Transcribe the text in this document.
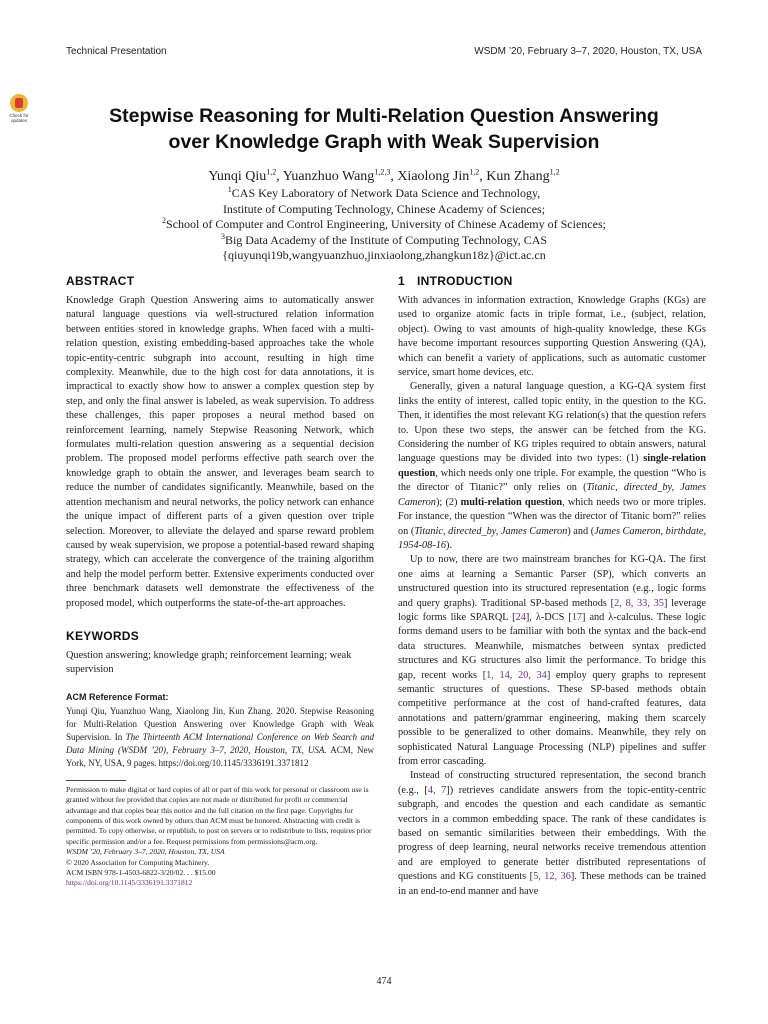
Technical Presentation	WSDM ’20, February 3–7, 2020, Houston, TX, USA
Check for
updates	Stepwise Reasoning for Multi-Relation Question Answering
over Knowledge Graph with Weak Supervision
Yunqi Qiu$^{1,2}$, Yuanzhuo Wang$^{1,2,3}$, Xiaolong Jin$^{1,2}$, Kun Zhang$^{1,2}$
$^1$CAS Key Laboratory of Network Data Science and Technology,
Institute of Computing Technology, Chinese Academy of Sciences;
$^2$School of Computer and Control Engineering, University of Chinese Academy of Sciences;
$^3$Big Data Academy of the Institute of Computing Technology, CAS
{qiuyunqi19b,wangyuanzhuo,jinxiaolong,zhangkun18z}@ict.ac.cn
ABSTRACT

Knowledge Graph Question Answering aims to automatically answer natural language questions via well-structured relation information between entities stored in knowledge graphs. When faced with a multi-relation question, existing embedding-based approaches take the whole topic-entity-centric subgraph into account, resulting in high time complexity. Meanwhile, due to the high cost for data annotations, it is impractical to exactly show how to answer a complex question step by step, and only the final answer is labeled, as weak supervision. To address these challenges, this paper proposes a neural method based on reinforcement learning, namely Stepwise Reasoning Network, which formulates multi-relation question answering as a sequential decision problem. The proposed model performs effective path search over the knowledge graph to obtain the answer, and leverages beam search to reduce the number of candidates significantly. Meanwhile, based on the attention mechanism and neural networks, the policy network can enhance the unique impact of different parts of a given question over triple selection. Moreover, to alleviate the delayed and sparse reward problem caused by weak supervision, we propose a potential-based reward shaping strategy, which can accelerate the convergence of the training algorithm and help the model perform better. Extensive experiments conducted over three benchmark datasets well demonstrate the effectiveness of the proposed model, which outperforms the state-of-the-art approaches.

KEYWORDS

Question answering; knowledge graph; reinforcement learning; weak supervision

ACM Reference Format:

Yunqi Qiu, Yuanzhuo Wang, Xiaolong Jin, Kun Zhang. 2020. Stepwise Reasoning for Multi-Relation Question Answering over Knowledge Graph with Weak Supervision. In The Thirteenth ACM International Conference on Web Search and Data Mining (WSDM ’20), February 3–7, 2020, Houston, TX, USA. ACM, New York, NY, USA, 9 pages. https://doi.org/10.1145/3336191.3371812

Permission to make digital or hard copies of all or part of this work for personal or classroom use is granted without fee provided that copies are not made or distributed for profit or commercial advantage and that copies bear this notice and the full citation on the first page. Copyrights for components of this work owned by others than ACM must be honored. Abstracting with credit is permitted. To copy otherwise, or republish, to post on servers or to redistribute to lists, requires prior specific permission and/or a fee. Request permissions from permissions@acm.org.

WSDM ’20, February 3–7, 2020, Houston, TX, USA

© 2020 Association for Computing Machinery.

ACM ISBN 978-1-4503-6822-3/20/02. . . $15.00

https://doi.org/10.1145/3336191.3371812

1 INTRODUCTION

With advances in information extraction, Knowledge Graphs (KGs) are used to organize atomic facts in triple format, i.e., (subject, relation, object). Owing to vast amounts of high-quality knowledge, these KGs have become important resources supporting Question Answering (QA), which can benefit a variety of applications, such as automatic customer service, smart home devices, etc.

Generally, given a natural language question, a KG-QA system first links the entity of interest, called topic entity, in the question to the KG. Then, it identifies the most relevant KG relation(s) that the question refers to. Upon these two steps, the answer can be fetched from the KG. Considering the number of KG triples required to obtain answers, natural language questions may be divided into two types: (1) single-relation question, which needs only one triple. For example, the question “Who is the director of Titanic?” only relies on (Titanic, directed_by, James Cameron); (2) multi-relation question, which needs two or more triples. For instance, the question “When was the director of Titanic born?” relies on (Titanic, directed_by, James Cameron) and (James Cameron, birthdate, 1954-08-16).

Up to now, there are two mainstream branches for KG-QA. The first one aims at learning a Semantic Parser (SP), which converts an unstructured question into its structured representation (e.g., logic forms and query graphs). Traditional SP-based methods [2, 8, 33, 35] leverage logic forms like SPARQL [24], λ-DCS [17] and λ-calculus. These logic forms demand users to be familiar with both the syntax and the back-end data structures. Meanwhile, mismatches between syntax predicted structures and KG structures also limit the performance. To bridge this gap, recent works [1, 14, 20, 34] employ query graphs to represent semantic structures of questions. These SP-based methods obtain competitive performance at the cost of hand-crafted features, data annotations and pattern/grammar engineering, making them scarcely possible to be generalized to other domains. Meanwhile, they rely on sophisticated Natural Language Processing (NLP) pipelines and suffer from error cascading.

Instead of constructing structured representation, the second branch (e.g., [4, 7]) retrieves candidate answers from the topic-entity-centric subgraph, and encodes the question and each candidate as semantic vectors in a common embedding space. The rank of these candidates is based on semantic similarities between their embeddings. With the progress of deep learning, neural networks receive tremendous attention and are employed to generate better distributed representations of questions and KG constituents [5, 12, 36]. These methods can be trained in an end-to-end manner and have

474
